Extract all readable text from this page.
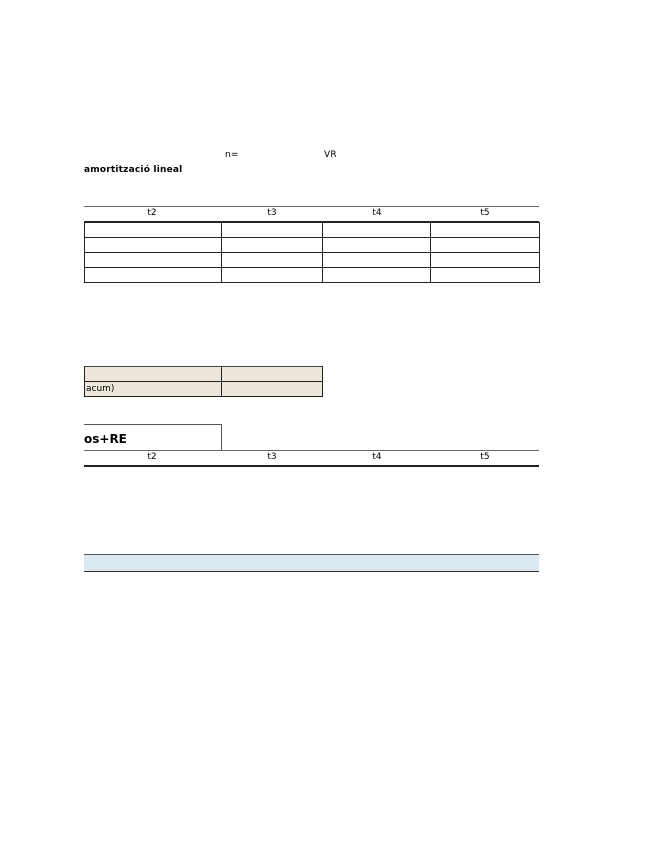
n=	VR
amortització lineal
t2	t3	t4	t5

acum)	
os+RE
t2	t3	t4	t5
